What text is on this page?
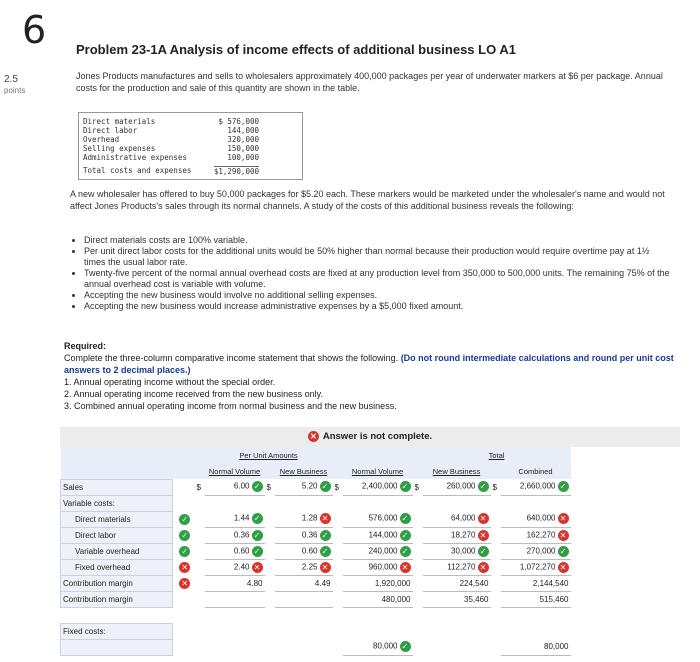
6
2.5
points
Problem 23-1A Analysis of income effects of additional business LO A1
Jones Products manufactures and sells to wholesalers approximately 400,000 packages per year of underwater markers at $6 per package. Annual costs for the production and sale of this quantity are shown in the table.
Direct materials	$ 576,000
Direct labor	144,000
Overhead	320,000
Selling expenses	150,000
Administrative expenses	100,000
Total costs and expenses	$1,290,000
A new wholesaler has offered to buy 50,000 packages for $5.20 each. These markers would be marketed under the wholesaler's name and would not affect Jones Products's sales through its normal channels. A study of the costs of this additional business reveals the following:
• Direct materials costs are 100% variable.
• Per unit direct labor costs for the additional units would be 50% higher than normal because their production would require overtime pay at 1½ times the usual labor rate.
• Twenty-five percent of the normal annual overhead costs are fixed at any production level from 350,000 to 500,000 units. The remaining 75% of the annual overhead cost is variable with volume.
• Accepting the new business would involve no additional selling expenses.
• Accepting the new business would increase administrative expenses by a $5,000 fixed amount.
Required:
Complete the three-column comparative income statement that shows the following. (Do not round intermediate calculations and round per unit cost answers to 2 decimal places.)
1. Annual operating income without the special order.
2. Annual operating income received from the new business only.
3. Combined annual operating income from normal business and the new business.
✕ Answer is not complete.
			Per Unit Amounts						Total		
			Normal Volume		New Business		Normal Volume		New Business		Combined
Sales		$	6.00 ✓	$	5.20 ✓	$	2,400,000 ✓	$	260,000 ✓	$	2,660,000 ✓
Variable costs:											
Direct materials	✓		1.44 ✓		1.28 ✕		576,000 ✓		64,000 ✕		640,000 ✕
Direct labor	✓		0.36 ✓		0.36 ✓		144,000 ✓		18,270 ✕		162,270 ✕
Variable overhead	✓		0.60 ✓		0.60 ✓		240,000 ✓		30,000 ✓		270,000 ✓
Fixed overhead	✕		2.40 ✕		2.25 ✕		960,000 ✕		112,270 ✕		1,072,270 ✕
Contribution margin	✕		4.80		4.49		1,920,000		224,540		2,144,540
Contribution margin							480,000		35,460		515,460

Fixed costs:											
							80,000 ✓				80,000
